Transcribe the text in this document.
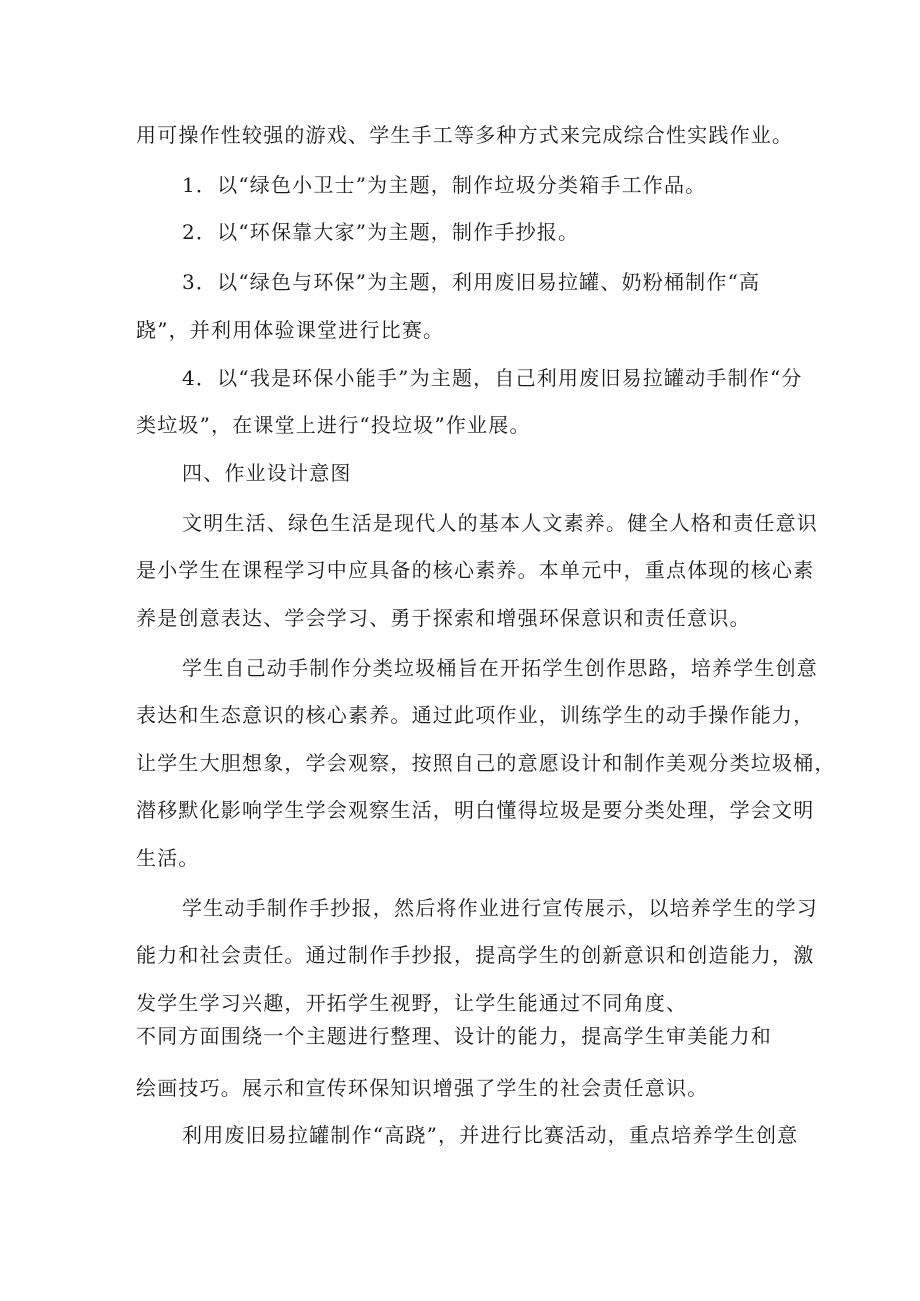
用可操作性较强的游戏、学生手工等多种方式来完成综合性实践作业。
1．以“绿色小卫士”为主题，制作垃圾分类箱手工作品。
2．以“环保靠大家”为主题，制作手抄报。
3．以“绿色与环保”为主题，利用废旧易拉罐、奶粉桶制作“高
跷”，并利用体验课堂进行比赛。
4．以“我是环保小能手”为主题，自己利用废旧易拉罐动手制作“分
类垃圾”，在课堂上进行“投垃圾”作业展。
四、作业设计意图
文明生活、绿色生活是现代人的基本人文素养。健全人格和责任意识
是小学生在课程学习中应具备的核心素养。本单元中，重点体现的核心素
养是创意表达、学会学习、勇于探索和增强环保意识和责任意识。
学生自己动手制作分类垃圾桶旨在开拓学生创作思路，培养学生创意
表达和生态意识的核心素养。通过此项作业，训练学生的动手操作能力，
让学生大胆想象，学会观察，按照自己的意愿设计和制作美观分类垃圾桶，
潜移默化影响学生学会观察生活，明白懂得垃圾是要分类处理，学会文明
生活。
学生动手制作手抄报，然后将作业进行宣传展示，以培养学生的学习
能力和社会责任。通过制作手抄报，提高学生的创新意识和创造能力，激
发学生学习兴趣，开拓学生视野，让学生能通过不同角度、
不同方面围绕一个主题进行整理、设计的能力，提高学生审美能力和
绘画技巧。展示和宣传环保知识增强了学生的社会责任意识。
利用废旧易拉罐制作“高跷”，并进行比赛活动，重点培养学生创意
